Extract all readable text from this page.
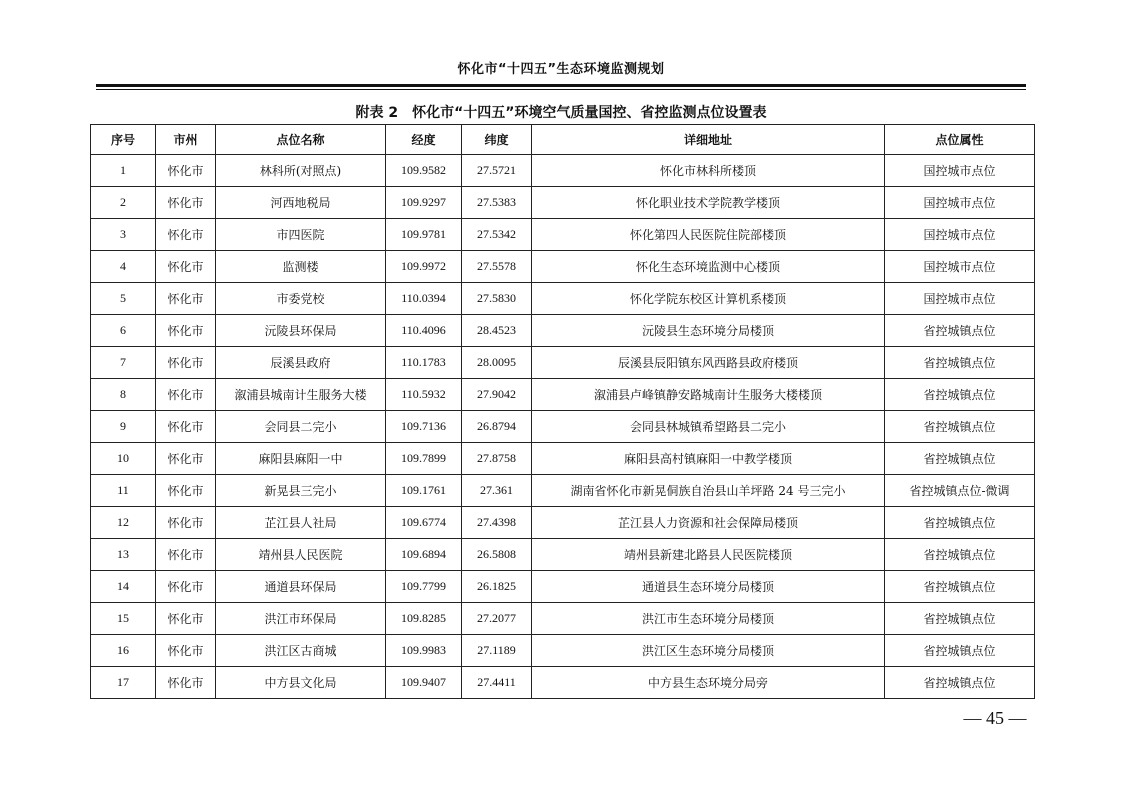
怀化市“十四五”生态环境监测规划
附表 2　怀化市“十四五”环境空气质量国控、省控监测点位设置表
序号	市州	点位名称	经度	纬度	详细地址	点位属性
1	怀化市	林科所(对照点)	109.9582	27.5721	怀化市林科所楼顶	国控城市点位
2	怀化市	河西地税局	109.9297	27.5383	怀化职业技术学院教学楼顶	国控城市点位
3	怀化市	市四医院	109.9781	27.5342	怀化第四人民医院住院部楼顶	国控城市点位
4	怀化市	监测楼	109.9972	27.5578	怀化生态环境监测中心楼顶	国控城市点位
5	怀化市	市委党校	110.0394	27.5830	怀化学院东校区计算机系楼顶	国控城市点位
6	怀化市	沅陵县环保局	110.4096	28.4523	沅陵县生态环境分局楼顶	省控城镇点位
7	怀化市	辰溪县政府	110.1783	28.0095	辰溪县辰阳镇东风西路县政府楼顶	省控城镇点位
8	怀化市	溆浦县城南计生服务大楼	110.5932	27.9042	溆浦县卢峰镇静安路城南计生服务大楼楼顶	省控城镇点位
9	怀化市	会同县二完小	109.7136	26.8794	会同县林城镇希望路县二完小	省控城镇点位
10	怀化市	麻阳县麻阳一中	109.7899	27.8758	麻阳县高村镇麻阳一中教学楼顶	省控城镇点位
11	怀化市	新晃县三完小	109.1761	27.361	湖南省怀化市新晃侗族自治县山羊坪路 24 号三完小	省控城镇点位-微调
12	怀化市	芷江县人社局	109.6774	27.4398	芷江县人力资源和社会保障局楼顶	省控城镇点位
13	怀化市	靖州县人民医院	109.6894	26.5808	靖州县新建北路县人民医院楼顶	省控城镇点位
14	怀化市	通道县环保局	109.7799	26.1825	通道县生态环境分局楼顶	省控城镇点位
15	怀化市	洪江市环保局	109.8285	27.2077	洪江市生态环境分局楼顶	省控城镇点位
16	怀化市	洪江区古商城	109.9983	27.1189	洪江区生态环境分局楼顶	省控城镇点位
17	怀化市	中方县文化局	109.9407	27.4411	中方县生态环境分局旁	省控城镇点位
— 45 —
